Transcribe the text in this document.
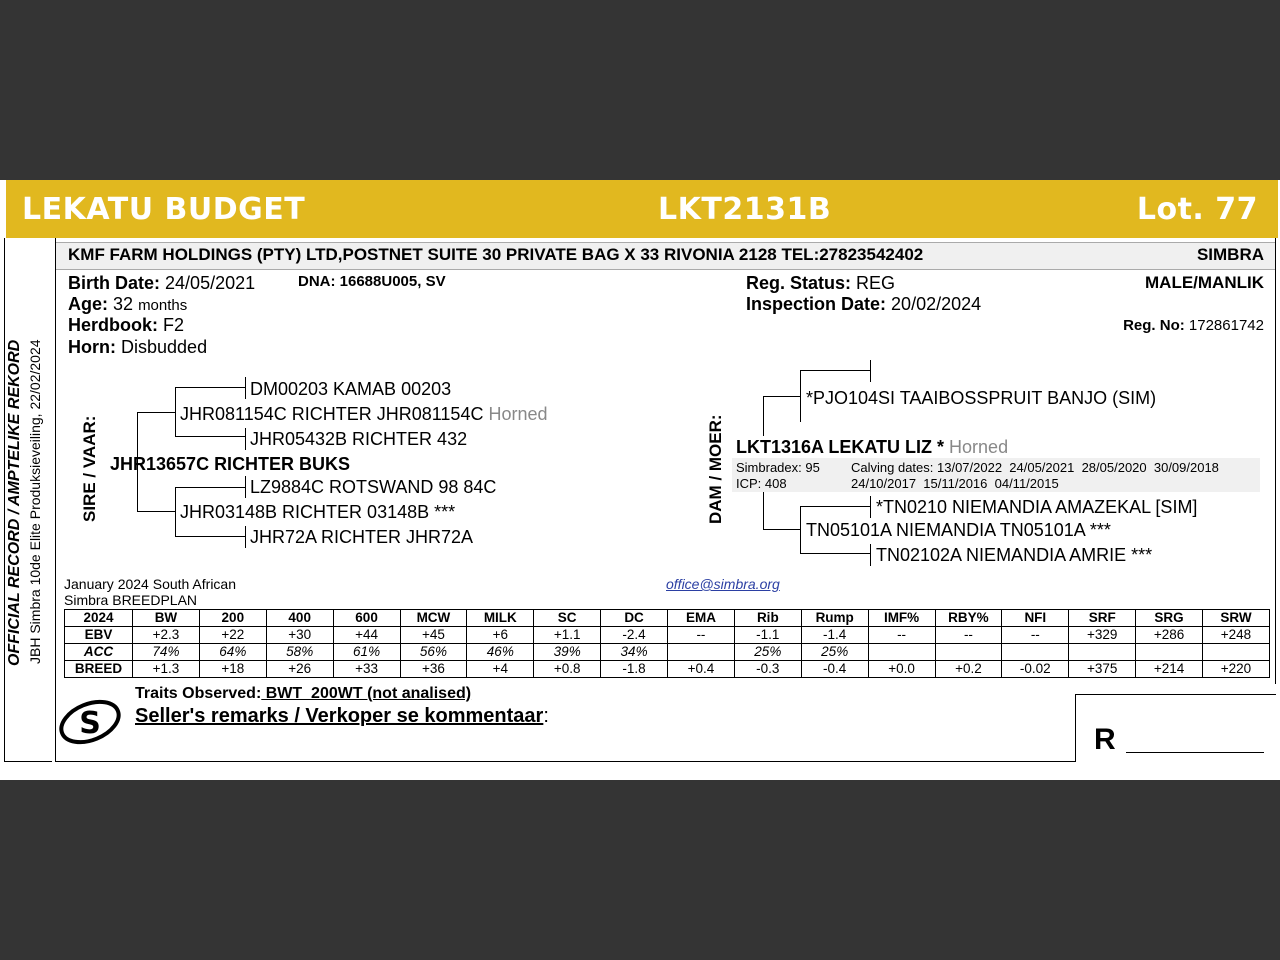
LEKATU BUDGET	LKT2131B	Lot. 77
OFFICIAL RECORD / AMPTELIKE REKORD JBH Simbra 10de Elite Produksieveiling, 22/02/2024
KMF FARM HOLDINGS (PTY) LTD,POSTNET SUITE 30 PRIVATE BAG X 33 RIVONIA 2128 TEL:27823542402	SIMBRA
Birth Date: 24/05/2021	DNA: 16688U005, SV
Age: 32 months
Herdbook: F2
Horn: Disbudded
Reg. Status: REG
Inspection Date: 20/02/2024
MALE/MANLIK
Reg. No: 172861742
SIRE / VAAR:
DM00203 KAMAB 00203
JHR081154C RICHTER JHR081154C Horned
JHR05432B RICHTER 432
JHR13657C RICHTER BUKS
LZ9884C ROTSWAND 98 84C
JHR03148B RICHTER 03148B ***
JHR72A RICHTER JHR72A
DAM / MOER:
*PJO104SI TAAIBOSSPRUIT BANJO (SIM)
LKT1316A LEKATU LIZ * Horned
Simbradex: 95
ICP: 408
Calving dates: 13/07/2022  24/05/2021  28/05/2020  30/09/2018
24/10/2017  15/11/2016  04/11/2015
*TN0210 NIEMANDIA AMAZEKAL [SIM]
TN05101A NIEMANDIA TN05101A ***
TN02102A NIEMANDIA AMRIE ***
January 2024 South African
Simbra BREEDPLAN
office@simbra.org
2024	BW	200	400	600	MCW	MILK	SC	DC	EMA	Rib	Rump	IMF%	RBY%	NFI	SRF	SRG	SRW
EBV	+2.3	+22	+30	+44	+45	+6	+1.1	-2.4	--	-1.1	-1.4	--	--	--	+329	+286	+248
ACC	74%	64%	58%	61%	56%	46%	39%	34%		25%	25%						
BREED	+1.3	+18	+26	+33	+36	+4	+0.8	-1.8	+0.4	-0.3	-0.4	+0.0	+0.2	-0.02	+375	+214	+220
S
Traits Observed: BWT  200WT (not analised)
Seller's remarks / Verkoper se kommentaar:
R
